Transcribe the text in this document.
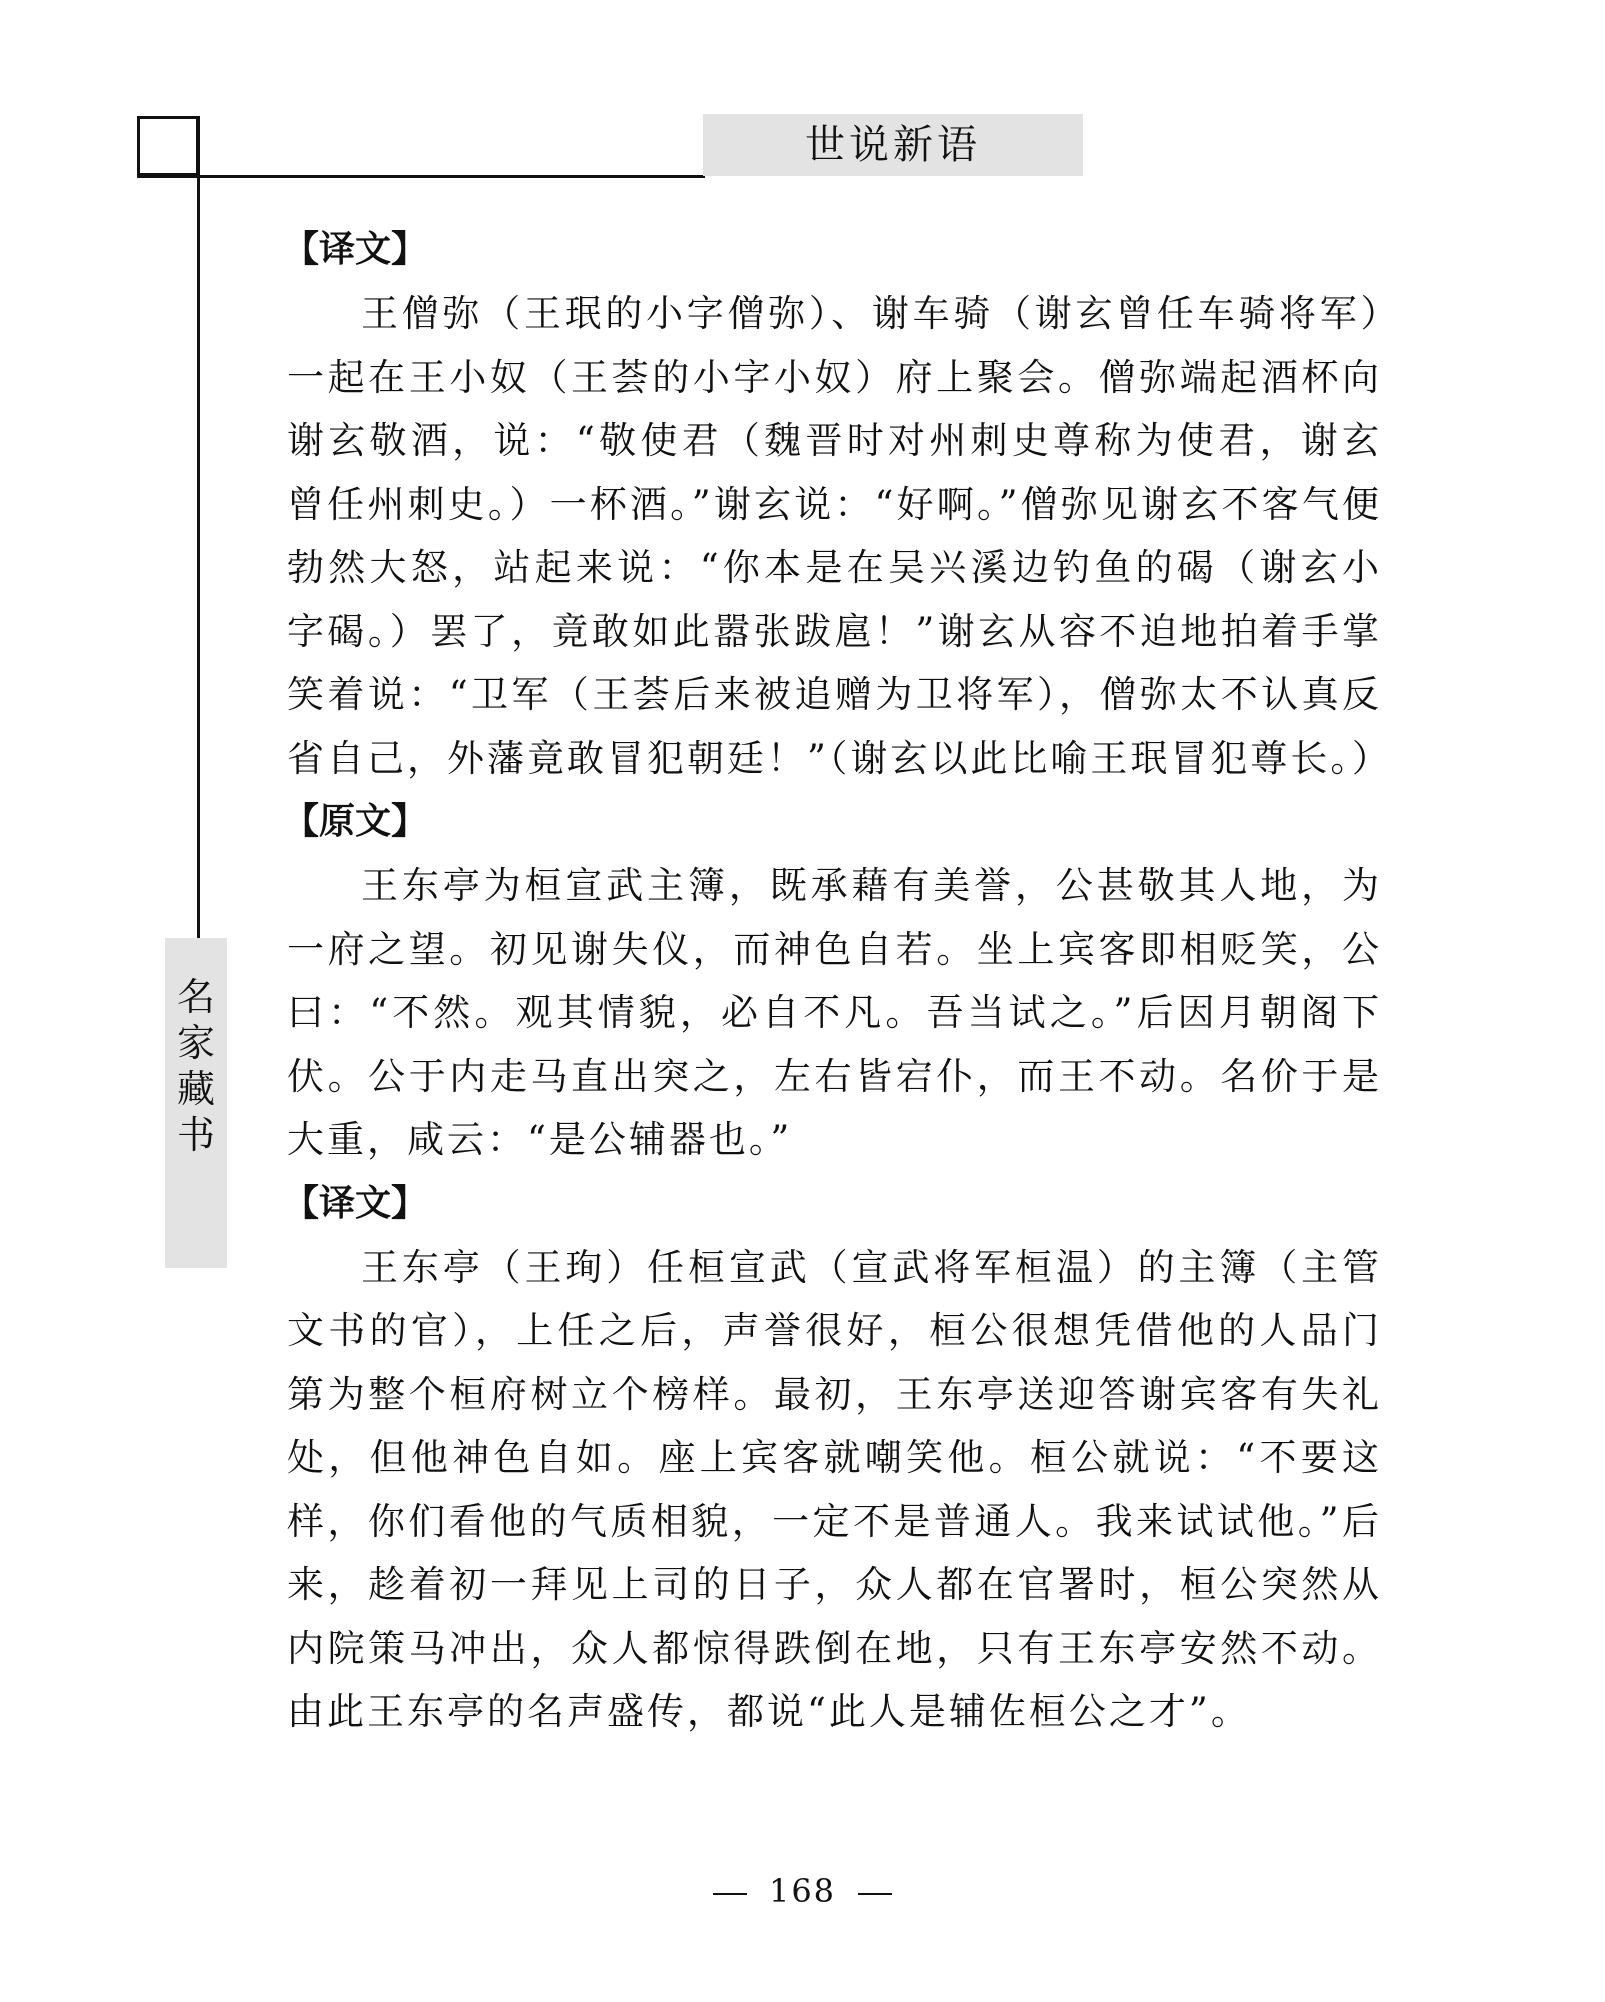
世说新语
名
家
藏
书
【译文】

王僧弥（王珉的小字僧弥）、谢车骑（谢玄曾任车骑将军）一起在王小奴（王荟的小字小奴）府上聚会。僧弥端起酒杯向谢玄敬酒，说：“敬使君（魏晋时对州刺史尊称为使君，谢玄曾任州刺史。）一杯酒。”谢玄说：“好啊。”僧弥见谢玄不客气便勃然大怒，站起来说：“你本是在吴兴溪边钓鱼的碣（谢玄小字碣。）罢了，竟敢如此嚣张跋扈！”谢玄从容不迫地拍着手掌笑着说：“卫军（王荟后来被追赠为卫将军），僧弥太不认真反省自己，外藩竟敢冒犯朝廷！”（谢玄以此比喻王珉冒犯尊长。）

【原文】

王东亭为桓宣武主簿，既承藉有美誉，公甚敬其人地，为一府之望。初见谢失仪，而神色自若。坐上宾客即相贬笑，公曰：“不然。观其情貌，必自不凡。吾当试之。”后因月朝阁下伏。公于内走马直出突之，左右皆宕仆，而王不动。名价于是大重，咸云：“是公辅器也。”

【译文】

王东亭（王珣）任桓宣武（宣武将军桓温）的主簿（主管文书的官），上任之后，声誉很好，桓公很想凭借他的人品门第为整个桓府树立个榜样。最初，王东亭送迎答谢宾客有失礼处，但他神色自如。座上宾客就嘲笑他。桓公就说：“不要这样，你们看他的气质相貌，一定不是普通人。我来试试他。”后来，趁着初一拜见上司的日子，众人都在官署时，桓公突然从内院策马冲出，众人都惊得跌倒在地，只有王东亭安然不动。由此王东亭的名声盛传，都说“此人是辅佐桓公之才”。

168
